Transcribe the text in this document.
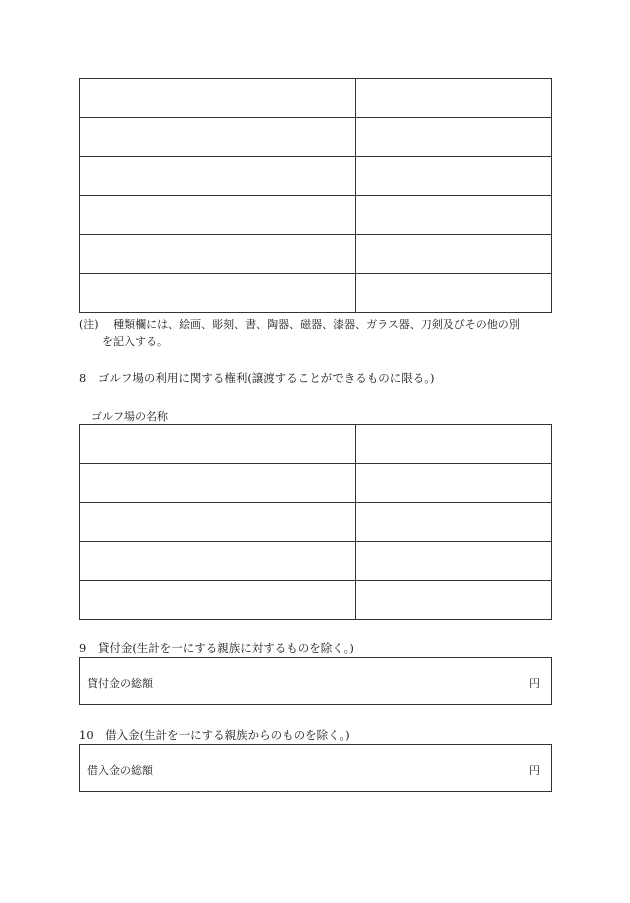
(注)　 種類欄には、絵画、彫刻、書、陶器、磁器、漆器、ガラス器、刀剣及びその他の別
を記入する。
8　ゴルフ場の利用に関する権利(譲渡することができるものに限る。)
ゴルフ場の名称

9　貸付金(生計を一にする親族に対するものを除く。)
貸付金の総額	円
10　借入金(生計を一にする親族からのものを除く。)
借入金の総額	円
